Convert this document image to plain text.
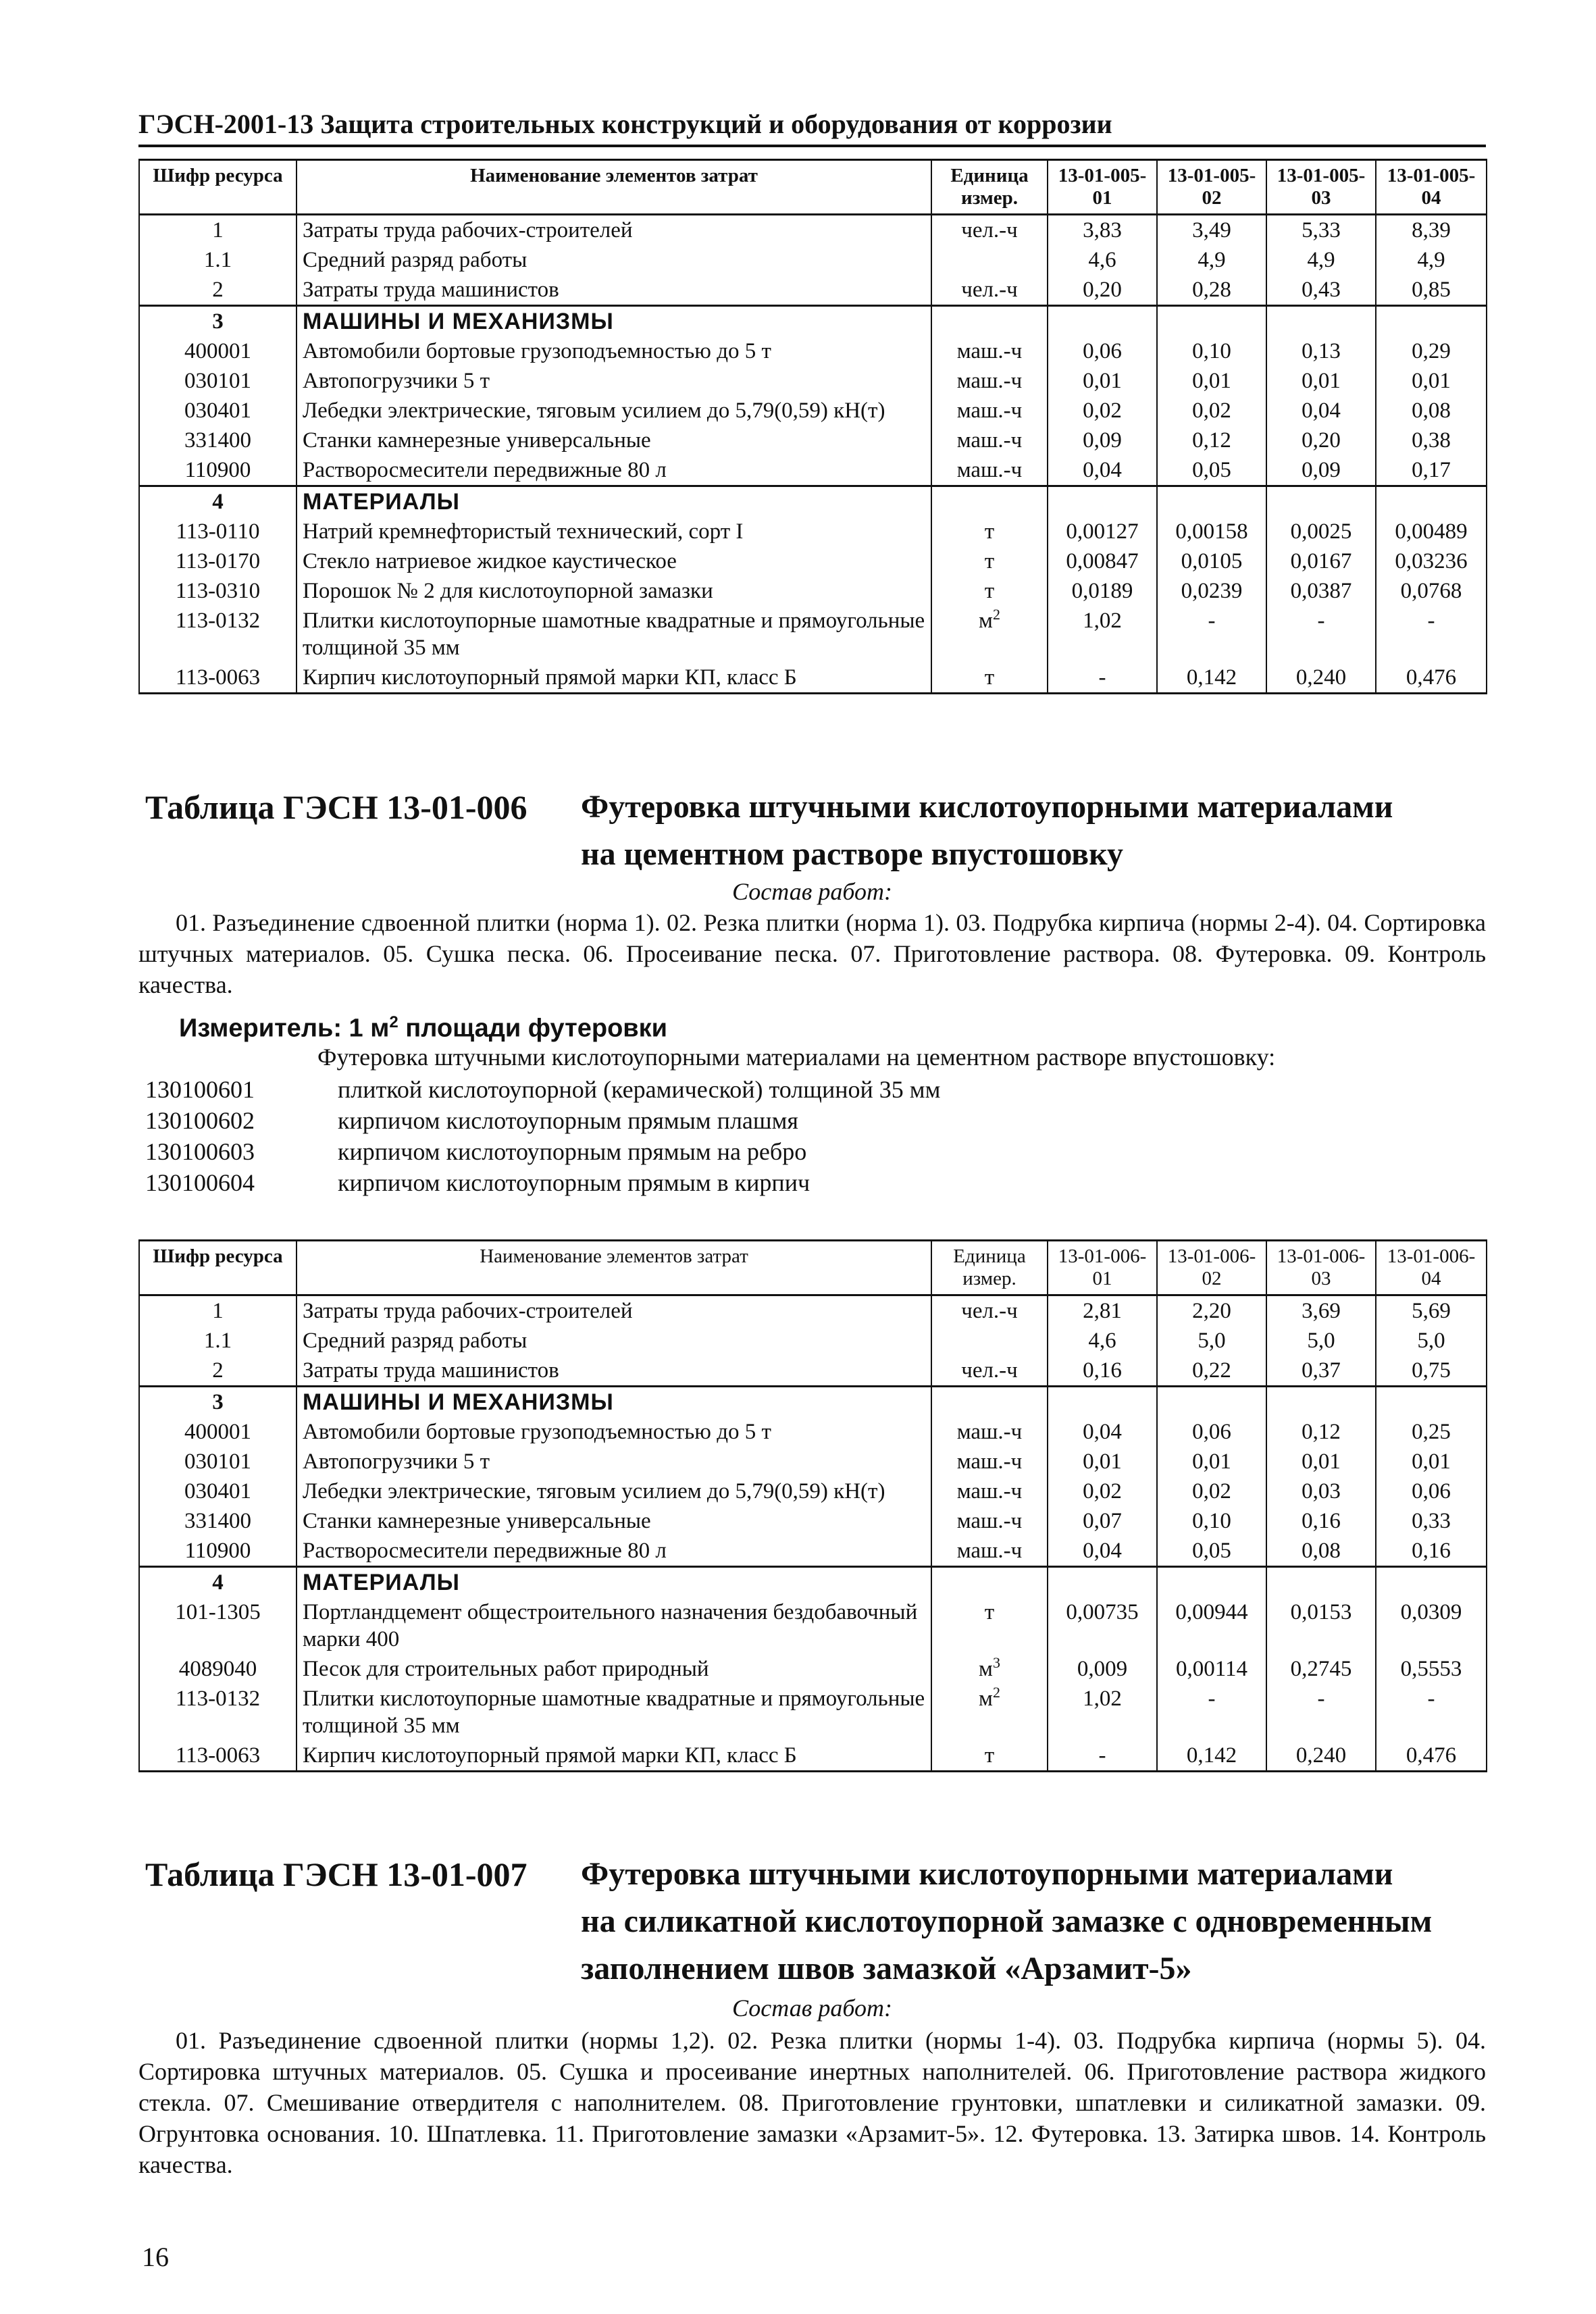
ГЭСН-2001-13 Защита строительных конструкций и оборудования от коррозии
Шифр ресурса	Наименование элементов затрат	Единица измер.	13-01-005-01	13-01-005-02	13-01-005-03	13-01-005-04
1	Затраты труда рабочих-строителей	чел.-ч	3,83	3,49	5,33	8,39
1.1	Средний разряд работы		4,6	4,9	4,9	4,9
2	Затраты труда машинистов	чел.-ч	0,20	0,28	0,43	0,85
3	МАШИНЫ И МЕХАНИЗМЫ					
400001	Автомобили бортовые грузоподъемностью до 5 т	маш.-ч	0,06	0,10	0,13	0,29
030101	Автопогрузчики 5 т	маш.-ч	0,01	0,01	0,01	0,01
030401	Лебедки электрические, тяговым усилием до 5,79(0,59) кН(т)	маш.-ч	0,02	0,02	0,04	0,08
331400	Станки камнерезные универсальные	маш.-ч	0,09	0,12	0,20	0,38
110900	Растворосмесители передвижные 80 л	маш.-ч	0,04	0,05	0,09	0,17
4	МАТЕРИАЛЫ					
113-0110	Натрий кремнефтористый технический, сорт I	т	0,00127	0,00158	0,0025	0,00489
113-0170	Стекло натриевое жидкое каустическое	т	0,00847	0,0105	0,0167	0,03236
113-0310	Порошок № 2 для кислотоупорной замазки	т	0,0189	0,0239	0,0387	0,0768
113-0132	Плитки кислотоупорные шамотные квадратные и прямоугольные толщиной 35 мм	$м^2$	1,02	-	-	-
113-0063	Кирпич кислотоупорный прямой марки КП, класс Б	т	-	0,142	0,240	0,476
Таблица ГЭСН 13-01-006 Футеровка штучными кислотоупорными материалами
на цементном растворе впустошовку
Состав работ:
01. Разъединение сдвоенной плитки (норма 1). 02. Резка плитки (норма 1). 03. Подрубка кирпича (нормы 2-4). 04. Сортировка штучных материалов. 05. Сушка песка. 06. Просеивание песка. 07. Приготовление раствора. 08. Футеровка. 09. Контроль качества.
Измеритель: 1 $м^2$ площади футеровки
Футеровка штучными кислотоупорными материалами на цементном растворе впустошовку:
130100601	плиткой кислотоупорной (керамической) толщиной 35 мм
130100602	кирпичом кислотоупорным прямым плашмя
130100603	кирпичом кислотоупорным прямым на ребро
130100604	кирпичом кислотоупорным прямым в кирпич
Шифр ресурса	Наименование элементов затрат	Единица измер.	13-01-006-01	13-01-006-02	13-01-006-03	13-01-006-04
1	Затраты труда рабочих-строителей	чел.-ч	2,81	2,20	3,69	5,69
1.1	Средний разряд работы		4,6	5,0	5,0	5,0
2	Затраты труда машинистов	чел.-ч	0,16	0,22	0,37	0,75
3	МАШИНЫ И МЕХАНИЗМЫ					
400001	Автомобили бортовые грузоподъемностью до 5 т	маш.-ч	0,04	0,06	0,12	0,25
030101	Автопогрузчики 5 т	маш.-ч	0,01	0,01	0,01	0,01
030401	Лебедки электрические, тяговым усилием до 5,79(0,59) кН(т)	маш.-ч	0,02	0,02	0,03	0,06
331400	Станки камнерезные универсальные	маш.-ч	0,07	0,10	0,16	0,33
110900	Растворосмесители передвижные 80 л	маш.-ч	0,04	0,05	0,08	0,16
4	МАТЕРИАЛЫ					
101-1305	Портландцемент общестроительного назначения бездобавочный марки 400	т	0,00735	0,00944	0,0153	0,0309
4089040	Песок для строительных работ природный	$м^3$	0,009	0,00114	0,2745	0,5553
113-0132	Плитки кислотоупорные шамотные квадратные и прямоугольные толщиной 35 мм	$м^2$	1,02	-	-	-
113-0063	Кирпич кислотоупорный прямой марки КП, класс Б	т	-	0,142	0,240	0,476
Таблица ГЭСН 13-01-007 Футеровка штучными кислотоупорными материалами
на силикатной кислотоупорной замазке с одновременным
заполнением швов замазкой «Арзамит-5»
Состав работ:
01. Разъединение сдвоенной плитки (нормы 1,2). 02. Резка плитки (нормы 1-4). 03. Подрубка кирпича (нормы 5). 04. Сортировка штучных материалов. 05. Сушка и просеивание инертных наполнителей. 06. Приготовление раствора жидкого стекла. 07. Смешивание отвердителя с наполнителем. 08. Приготовление грунтовки, шпатлевки и силикатной замазки. 09. Огрунтовка основания. 10. Шпатлевка. 11. Приготовление замазки «Арзамит-5». 12. Футеровка. 13. Затирка швов. 14. Контроль качества.
16
